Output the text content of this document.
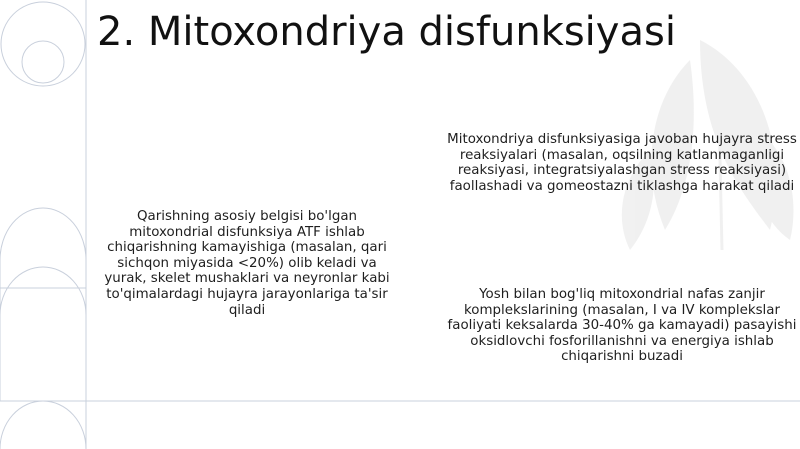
2. Mitoxondriya disfunksiyasi
Qarishning asosiy belgisi bo'lgan mitoxondrial disfunksiya ATF ishlab chiqarishning kamayishiga (masalan, qari sichqon miyasida <20%) olib keladi va yurak, skelet mushaklari va neyronlar kabi to'qimalardagi hujayra jarayonlariga ta'sir qiladi
Mitoxondriya disfunksiyasiga javoban hujayra stress reaksiyalari (masalan, oqsilning katlanmaganligi reaksiyasi, integratsiyalashgan stress reaksiyasi) faollashadi va gomeostazni tiklashga harakat qiladi
Yosh bilan bog'liq mitoxondrial nafas zanjir komplekslarining (masalan, I va IV komplekslar faoliyati keksalarda 30-40% ga kamayadi) pasayishi oksidlovchi fosforillanishni va energiya ishlab chiqarishni buzadi
